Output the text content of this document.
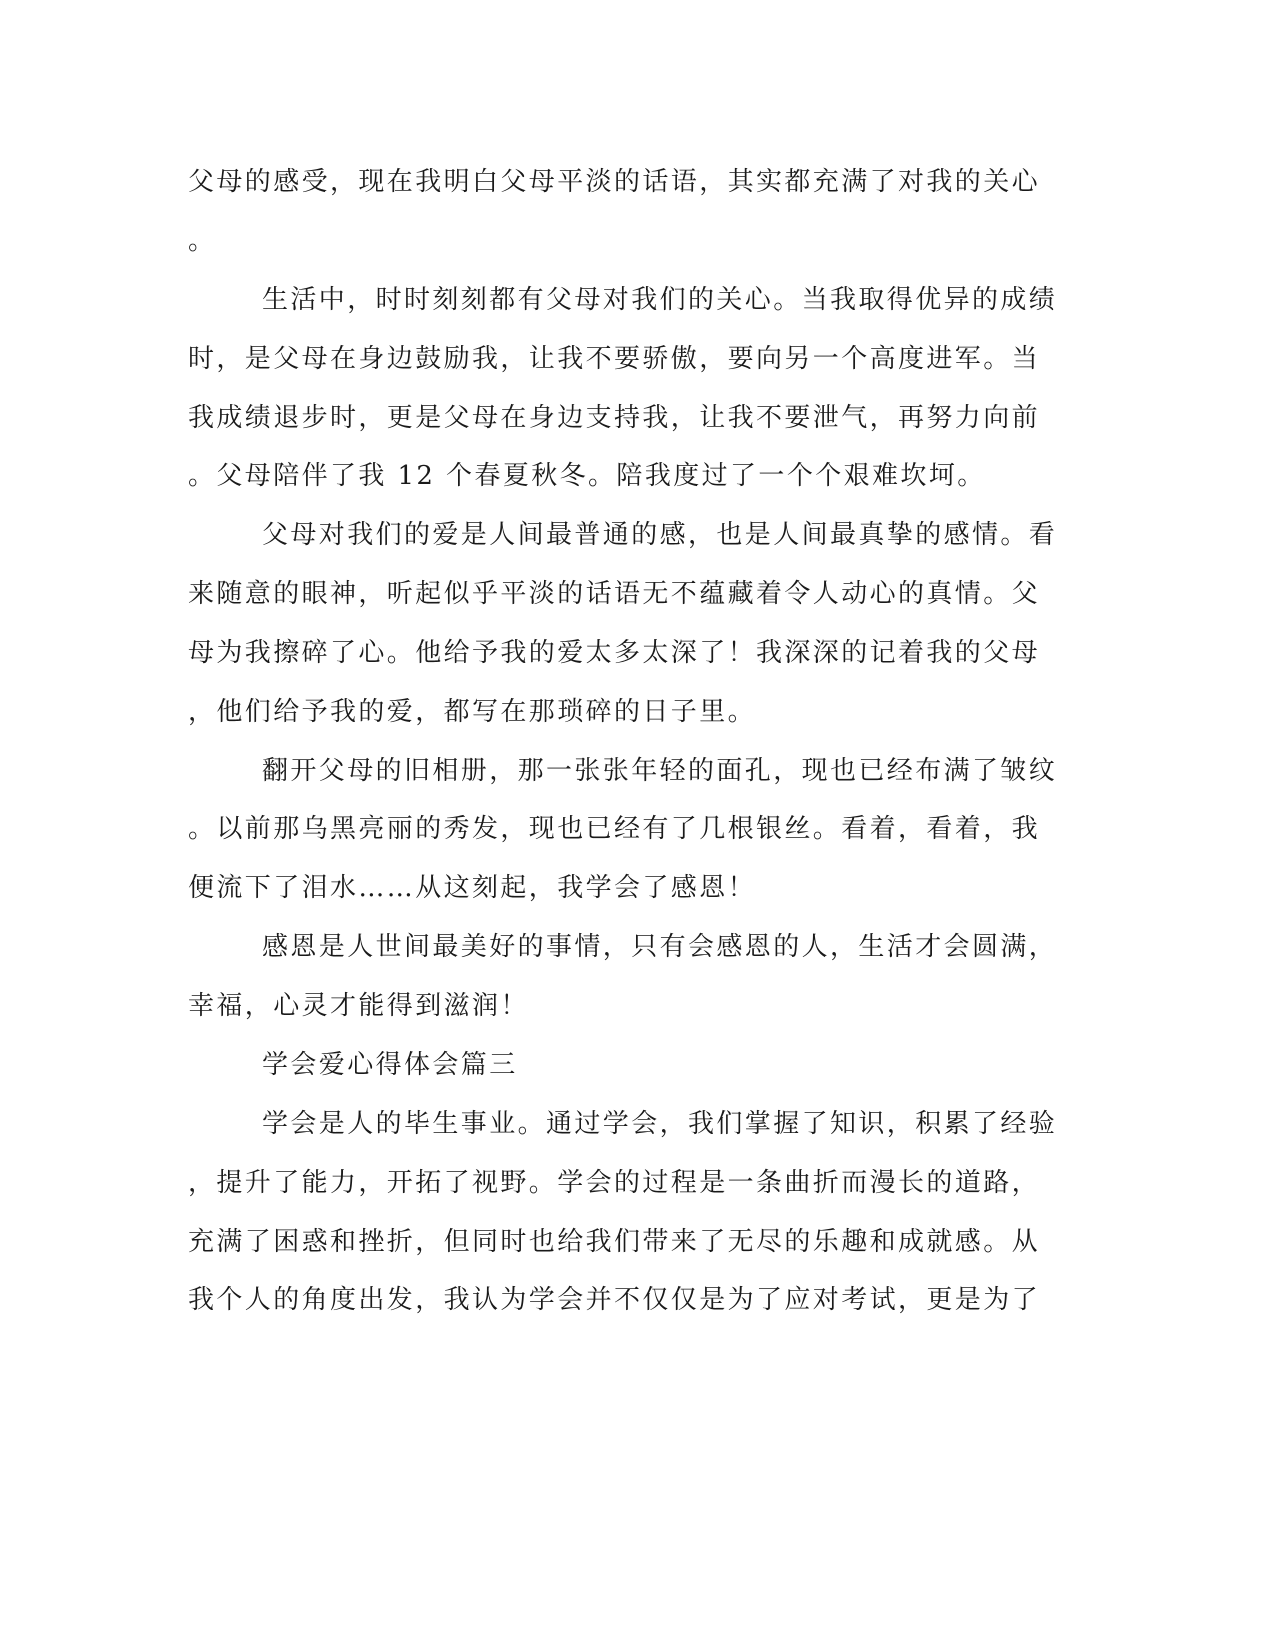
父母的感受，现在我明白父母平淡的话语，其实都充满了对我的关心
。
生活中，时时刻刻都有父母对我们的关心。当我取得优异的成绩
时，是父母在身边鼓励我，让我不要骄傲，要向另一个高度进军。当
我成绩退步时，更是父母在身边支持我，让我不要泄气，再努力向前
。父母陪伴了我 12 个春夏秋冬。陪我度过了一个个艰难坎坷。
父母对我们的爱是人间最普通的感，也是人间最真挚的感情。看
来随意的眼神，听起似乎平淡的话语无不蕴藏着令人动心的真情。父
母为我擦碎了心。他给予我的爱太多太深了！我深深的记着我的父母
，他们给予我的爱，都写在那琐碎的日子里。
翻开父母的旧相册，那一张张年轻的面孔，现也已经布满了皱纹
。以前那乌黑亮丽的秀发，现也已经有了几根银丝。看着，看着，我
便流下了泪水……从这刻起，我学会了感恩！
感恩是人世间最美好的事情，只有会感恩的人，生活才会圆满，
幸福，心灵才能得到滋润！
学会爱心得体会篇三
学会是人的毕生事业。通过学会，我们掌握了知识，积累了经验
，提升了能力，开拓了视野。学会的过程是一条曲折而漫长的道路，
充满了困惑和挫折，但同时也给我们带来了无尽的乐趣和成就感。从
我个人的角度出发，我认为学会并不仅仅是为了应对考试，更是为了
